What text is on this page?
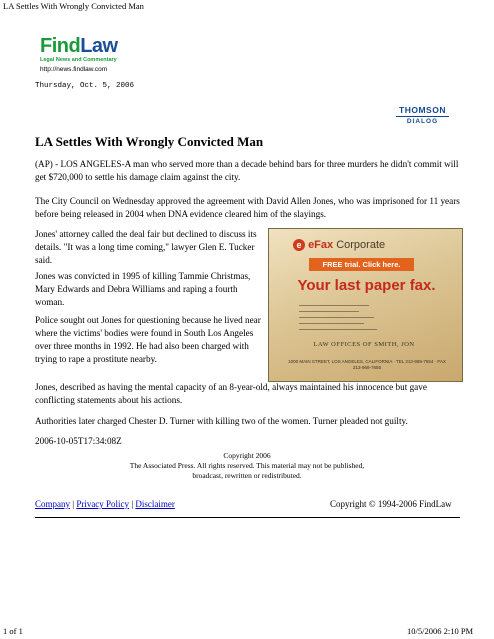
LA Settles With Wrongly Convicted Man
FindLaw
Legal News and Commentary
http://news.findlaw.com
Thursday, Oct. 5, 2006
THOMSON
DIALOG
LA Settles With Wrongly Convicted Man
(AP) - LOS ANGELES-A man who served more than a decade behind bars for three murders he didn't commit will get $720,000 to settle his damage claim against the city.
The City Council on Wednesday approved the agreement with David Allen Jones, who was imprisoned for 11 years before being released in 2004 when DNA evidence cleared him of the slayings.
Jones' attorney called the deal fair but declined to discuss its details. "It was a long time coming," lawyer Glen E. Tucker said.
Jones was convicted in 1995 of killing Tammie Christmas, Mary Edwards and Debra Williams and raping a fourth woman.
Police sought out Jones for questioning because he lived near where the victims' bodies were found in South Los Angeles over three months in 1992. He had also been charged with trying to rape a prostitute nearby.
e eFax Corporate
FREE trial. Click here.
Your last paper fax.
LAW OFFICES OF SMITH, JON
1000 MAIN STREET, LOS ANGELES, CALIFORNIA · TEL 213-969-7654 · FAX 213-969-7655
Jones, described as having the mental capacity of an 8-year-old, always maintained his innocence but gave conflicting statements about his actions.
Authorities later charged Chester D. Turner with killing two of the women. Turner pleaded not guilty.
2006-10-05T17:34:08Z
Copyright 2006
The Associated Press. All rights reserved. This material may not be published,
broadcast, rewritten or redistributed.
Company | Privacy Policy | Disclaimer	Copyright © 1994-2006 FindLaw
1 of 1	10/5/2006 2:10 PM
